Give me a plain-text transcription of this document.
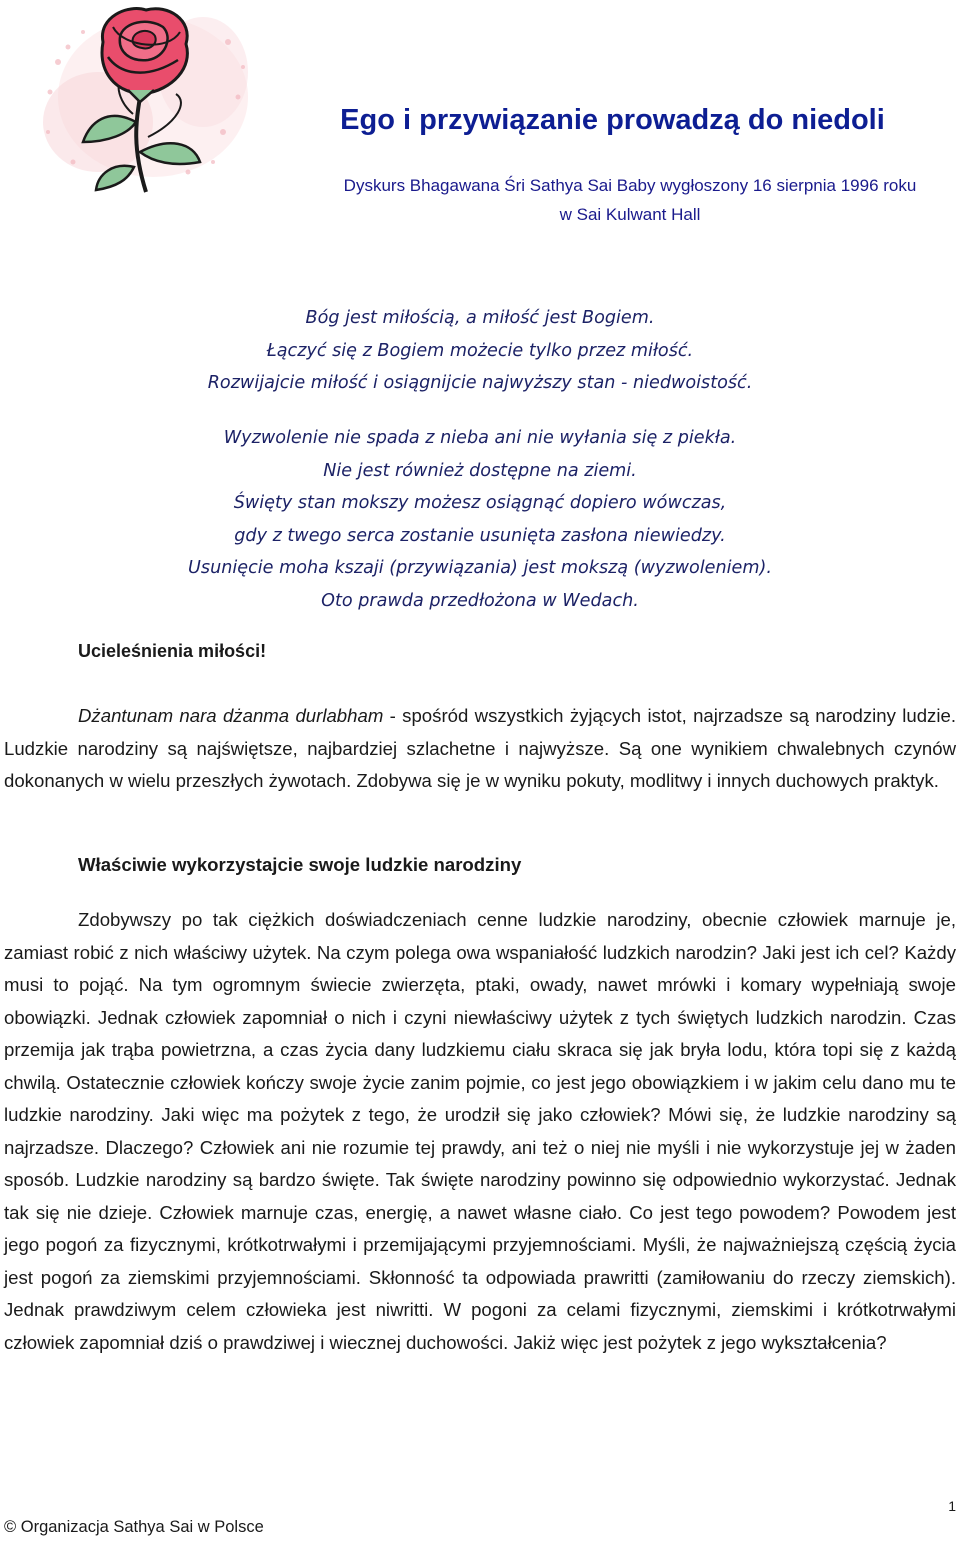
Ego i przywiązanie prowadzą do niedoli
Dyskurs Bhagawana Śri Sathya Sai Baby wygłoszony 16 sierpnia 1996 roku
w Sai Kulwant Hall
Bóg jest miłością, a miłość jest Bogiem.
Łączyć się z Bogiem możecie tylko przez miłość.
Rozwijajcie miłość i osiągnijcie najwyższy stan - niedwoistość.
Wyzwolenie nie spada z nieba ani nie wyłania się z piekła.
Nie jest również dostępne na ziemi.
Święty stan mokszy możesz osiągnąć dopiero wówczas,
gdy z twego serca zostanie usunięta zasłona niewiedzy.
Usunięcie moha kszaji (przywiązania) jest mokszą (wyzwoleniem).
Oto prawda przedłożona w Wedach.
Ucieleśnienia miłości!

Dżantunam nara dżanma durlabham - spośród wszystkich żyjących istot, najrzadsze są narodziny ludzie. Ludzkie narodziny są najświętsze, najbardziej szlachetne i najwyższe. Są one wynikiem chwalebnych czynów dokonanych w wielu przeszłych żywotach. Zdobywa się je w wyniku pokuty, modlitwy i innych duchowych praktyk.

Właściwie wykorzystajcie swoje ludzkie narodziny

Zdobywszy po tak ciężkich doświadczeniach cenne ludzkie narodziny, obecnie człowiek marnuje je, zamiast robić z nich właściwy użytek. Na czym polega owa wspaniałość ludzkich narodzin? Jaki jest ich cel? Każdy musi to pojąć. Na tym ogromnym świecie zwierzęta, ptaki, owady, nawet mrówki i komary wypełniają swoje obowiązki. Jednak człowiek zapomniał o nich i czyni niewłaściwy użytek z tych świętych ludzkich narodzin. Czas przemija jak trąba powietrzna, a czas życia dany ludzkiemu ciału skraca się jak bryła lodu, która topi się z każdą chwilą. Ostatecznie człowiek kończy swoje życie zanim pojmie, co jest jego obowiązkiem i w jakim celu dano mu te ludzkie narodziny. Jaki więc ma pożytek z tego, że urodził się jako człowiek? Mówi się, że ludzkie narodziny są najrzadsze. Dlaczego? Człowiek ani nie rozumie tej prawdy, ani też o niej nie myśli i nie wykorzystuje jej w żaden sposób. Ludzkie narodziny są bardzo święte. Tak święte narodziny powinno się odpowiednio wykorzystać. Jednak tak się nie dzieje. Człowiek marnuje czas, energię, a nawet własne ciało. Co jest tego powodem? Powodem jest jego pogoń za fizycznymi, krótkotrwałymi i przemijającymi przyjemnościami. Myśli, że najważniejszą częścią życia jest pogoń za ziemskimi przyjemnościami. Skłonność ta odpowiada prawritti (zamiłowaniu do rzeczy ziemskich). Jednak prawdziwym celem człowieka jest niwritti. W pogoni za celami fizycznymi, ziemskimi i krótkotrwałymi człowiek zapomniał dziś o prawdziwej i wiecznej duchowości. Jakiż więc jest pożytek z jego wykształcenia?

1
© Organizacja Sathya Sai w Polsce
